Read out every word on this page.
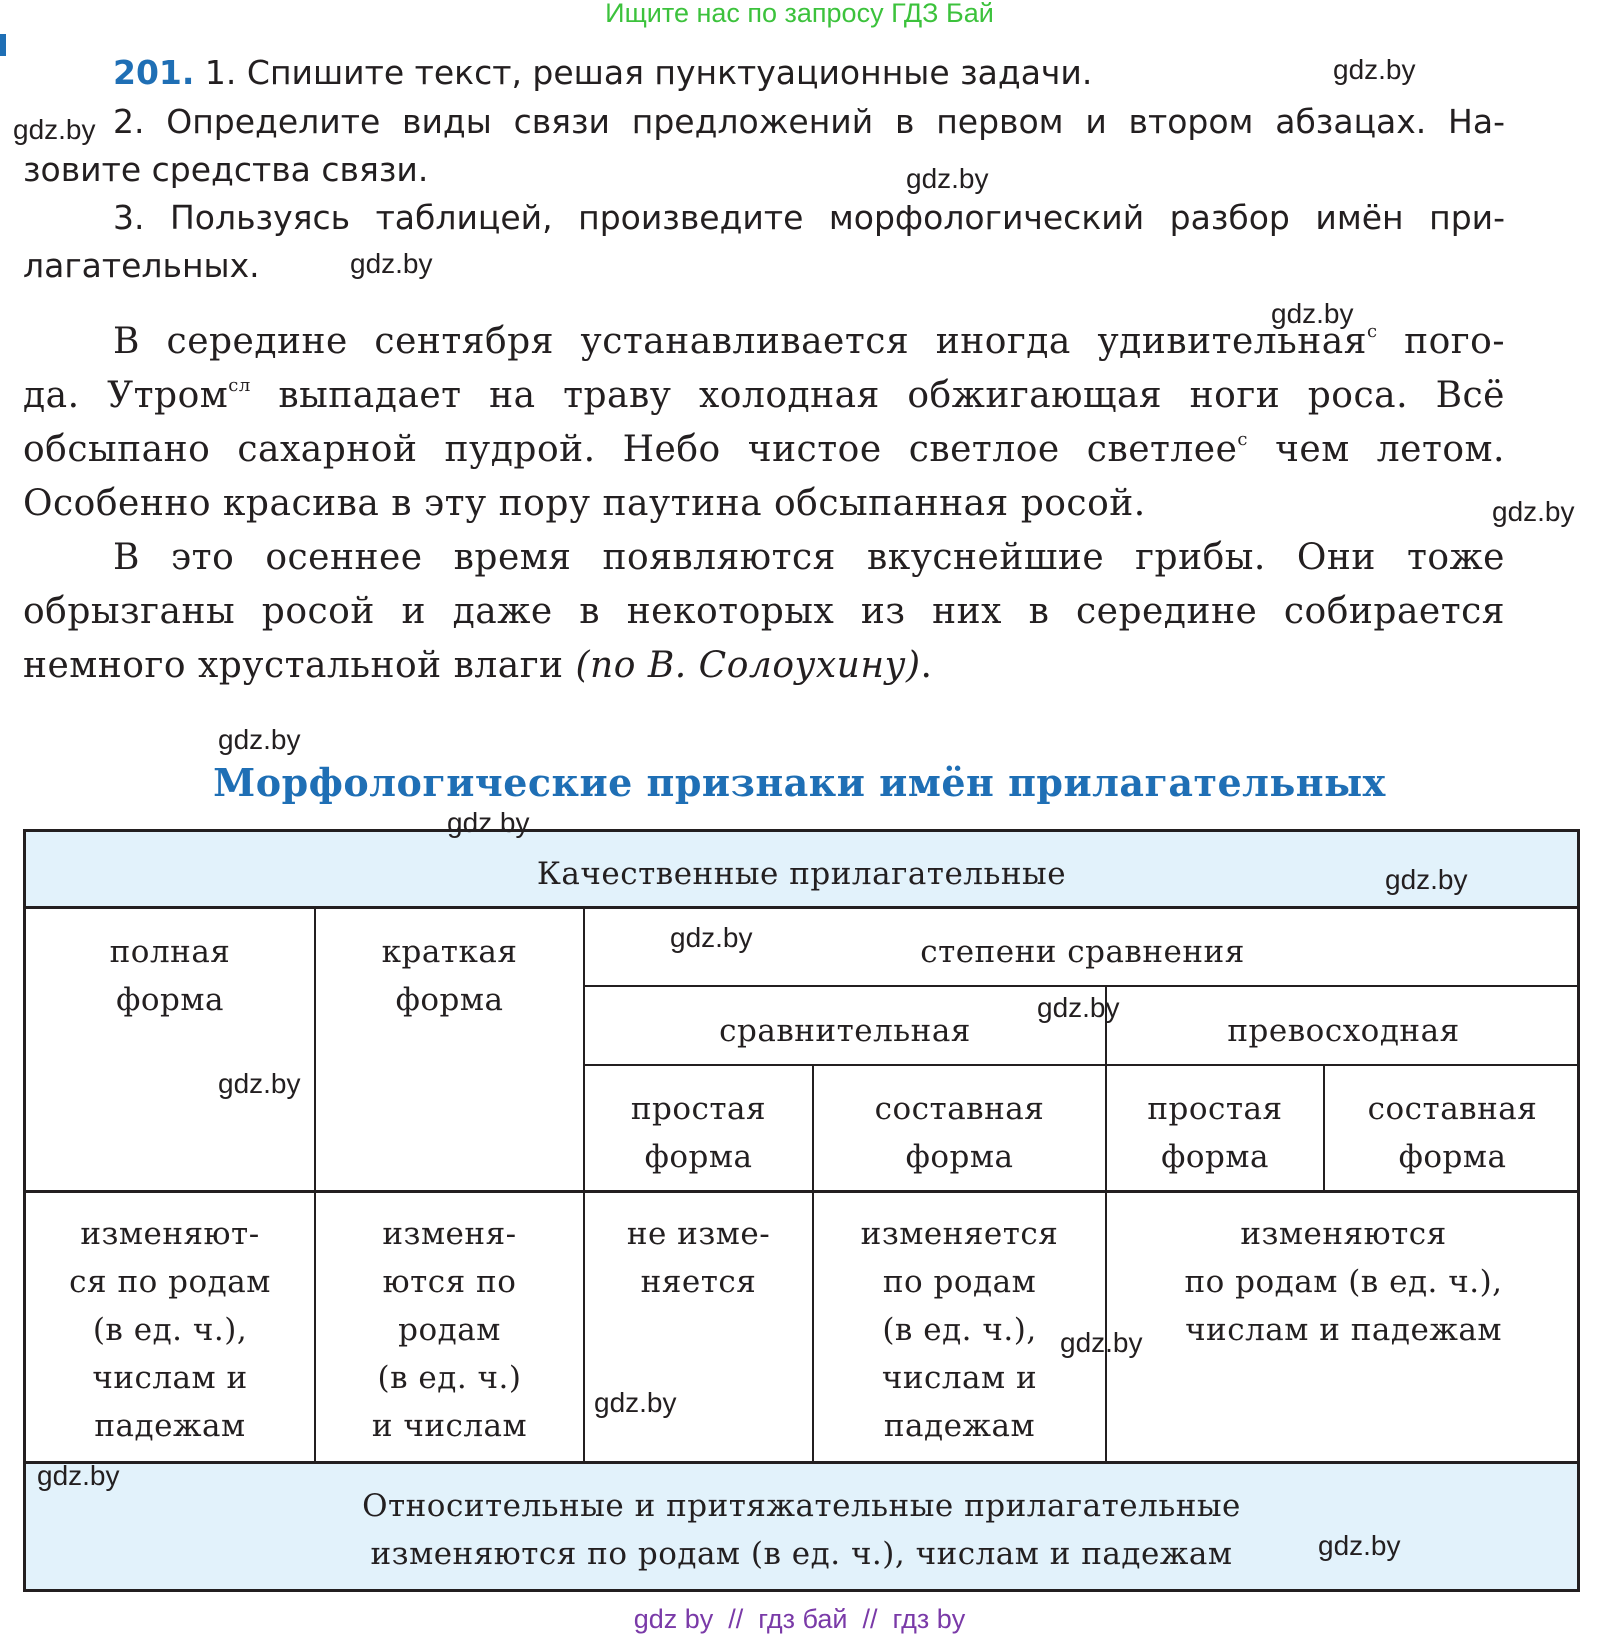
Ищите нас по запросу ГДЗ Бай
201. 1. Спишите текст, решая пунктуационные задачи.
2. Определите виды связи предложений в первом и втором абзацах. На-
зовите средства связи.
3. Пользуясь таблицей, произведите морфологический разбор имён при-
лагательных.
В середине сентября устанавливается иногда удивительная$^с$ пого-
да. Утром$^{сл}$ выпадает на траву холодная обжигающая ноги роса. Всё
обсыпано сахарной пудрой. Небо чистое светлое светлее$^с$ чем летом.
Особенно красива в эту пору паутина обсыпанная росой.
В это осеннее время появляются вкуснейшие грибы. Они тоже
обрызганы росой и даже в некоторых из них в середине собирается
немного хрустальной влаги (по В. Солоухину).
Морфологические признаки имён прилагательных
Качественные прилагательные
полная
форма
краткая
форма
степени сравнения
сравнительная	превосходная
простая
форма
составная
форма
простая
форма
составная
форма
изменяют-
ся по родам
(в ед. ч.),
числам и
падежам
изменя-
ются по
родам
(в ед. ч.)
и числам
не изме-
няется
изменяется
по родам
(в ед. ч.),
числам и
падежам
изменяются
по родам (в ед. ч.),
числам и падежам
Относительные и притяжательные прилагательные
изменяются по родам (в ед. ч.), числам и падежам
gdz.by
gdz.by
gdz.by
gdz.by
gdz.by
gdz.by
gdz.by
gdz.by
gdz.by
gdz.by
gdz.by
gdz.by
gdz.by
gdz.by
gdz.by
gdz.by
gdz by  //  гдз бай  //  гдз by
